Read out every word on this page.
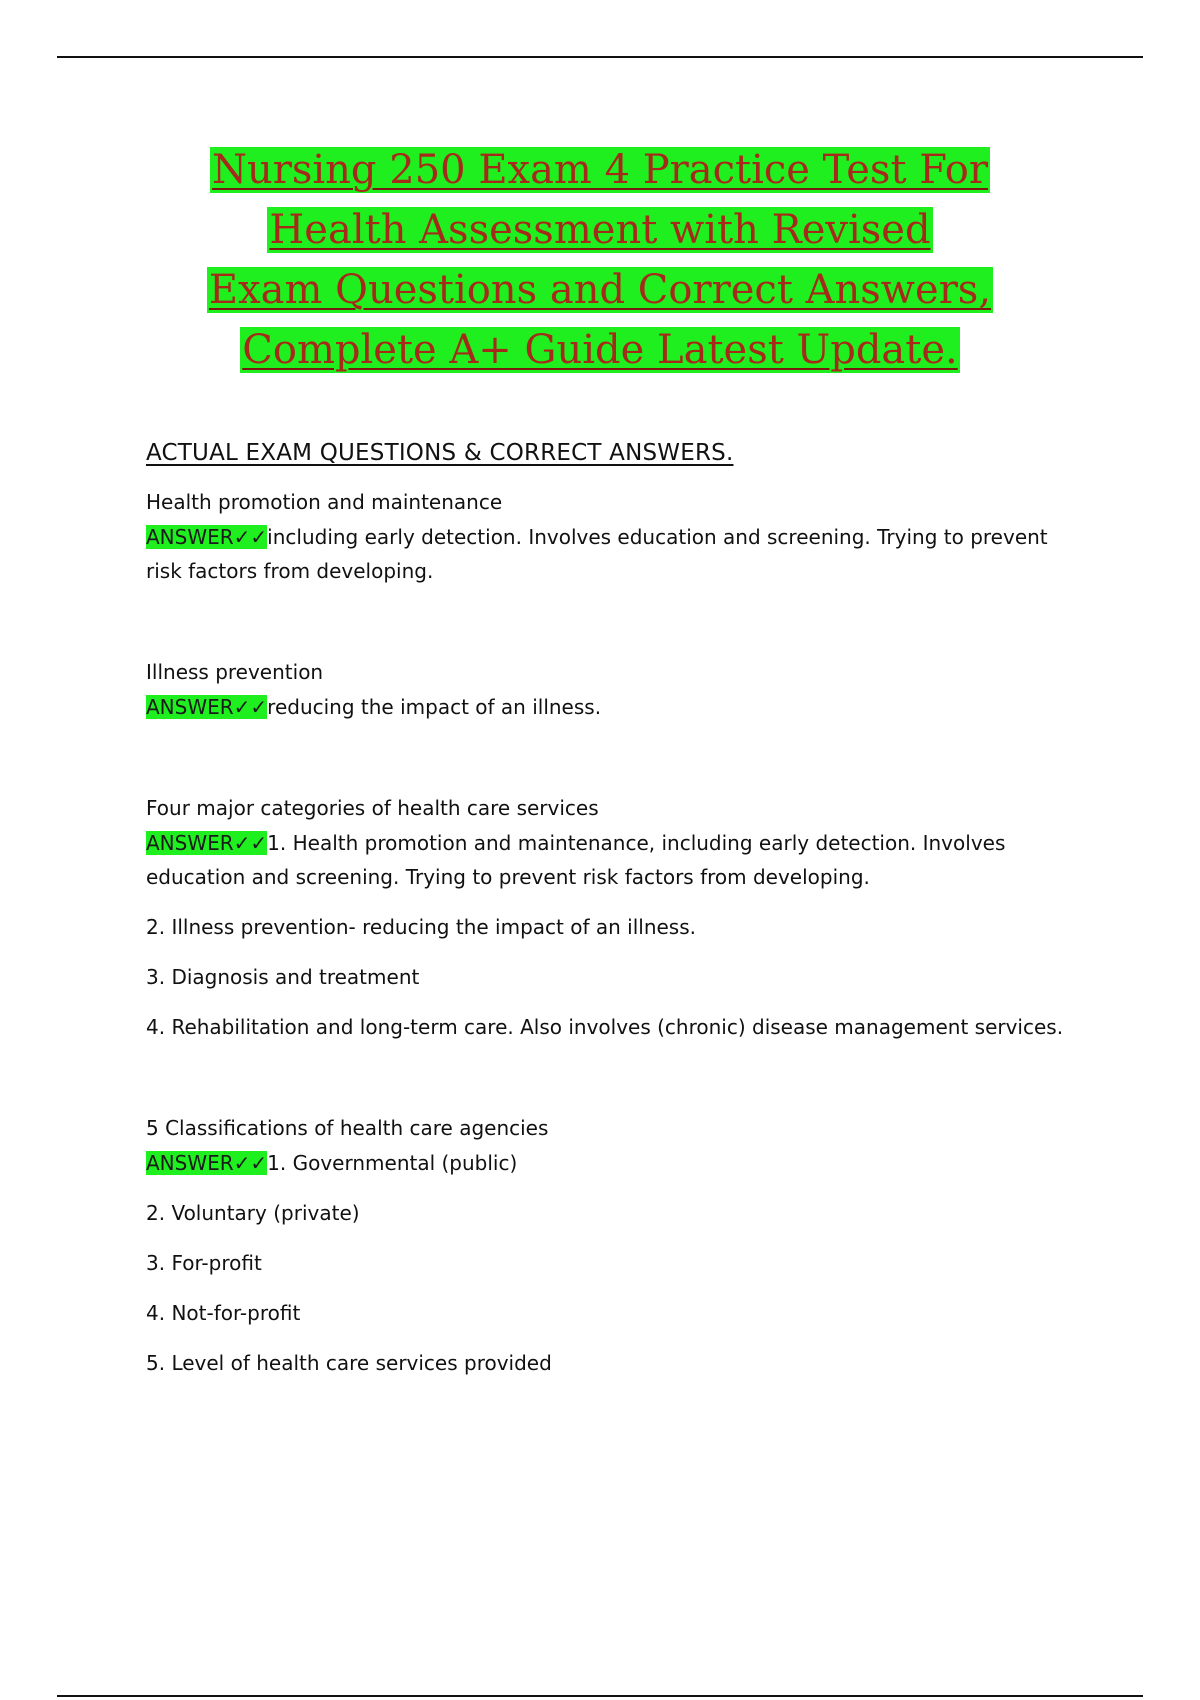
Nursing 250 Exam 4 Practice Test For
Health Assessment with Revised
Exam Questions and Correct Answers,
Complete A+ Guide Latest Update.
ACTUAL EXAM QUESTIONS & CORRECT ANSWERS.

Health promotion and maintenance

ANSWER✓✓including early detection. Involves education and screening. Trying to prevent risk factors from developing.

Illness prevention

ANSWER✓✓reducing the impact of an illness.

Four major categories of health care services

ANSWER✓✓1. Health promotion and maintenance, including early detection. Involves education and screening. Trying to prevent risk factors from developing.

2. Illness prevention- reducing the impact of an illness.

3. Diagnosis and treatment

4. Rehabilitation and long-term care. Also involves (chronic) disease management services.

5 Classifications of health care agencies

ANSWER✓✓1. Governmental (public)

2. Voluntary (private)

3. For-profit

4. Not-for-profit

5. Level of health care services provided
